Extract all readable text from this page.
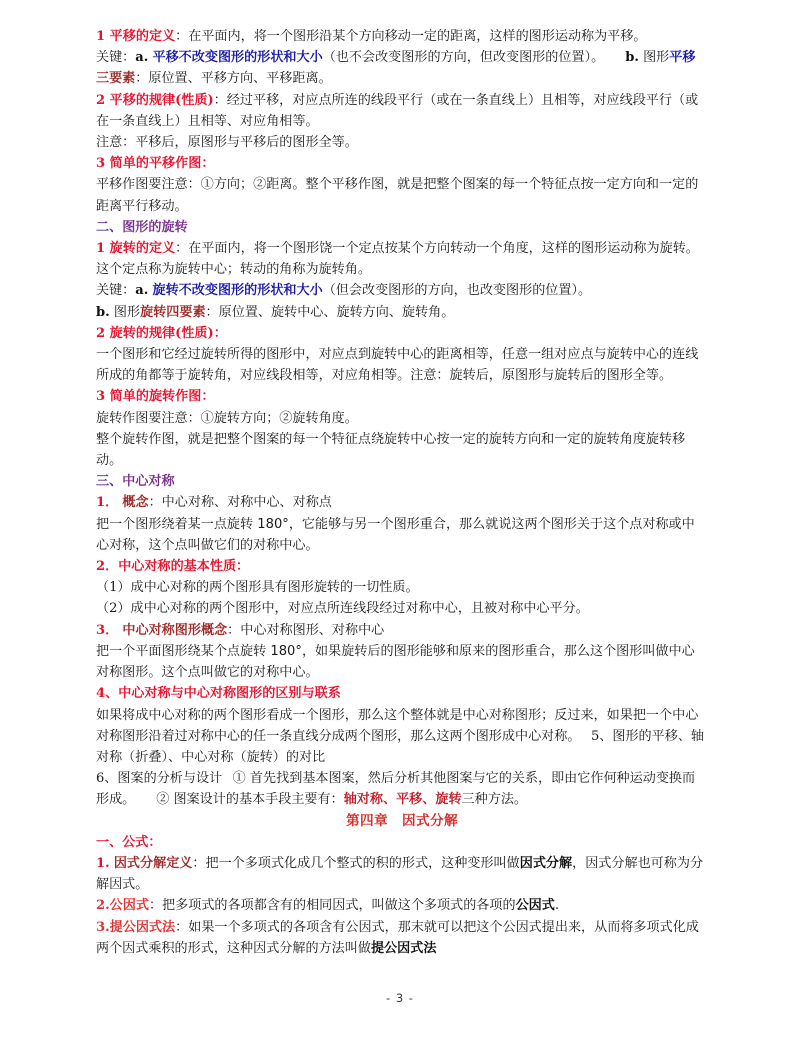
1 平移的定义：在平面内，将一个图形沿某个方向移动一定的距离，这样的图形运动称为平移。
关键：a. 平移不改变图形的形状和大小（也不会改变图形的方向，但改变图形的位置）。 b. 图形平移
三要素：原位置、平移方向、平移距离。
2 平移的规律(性质)：经过平移，对应点所连的线段平行（或在一条直线上）且相等，对应线段平行（或
在一条直线上）且相等、对应角相等。
注意：平移后，原图形与平移后的图形全等。
3 简单的平移作图：
平移作图要注意：①方向；②距离。整个平移作图，就是把整个图案的每一个特征点按一定方向和一定的
距离平行移动。
二、图形的旋转
1 旋转的定义：在平面内，将一个图形饶一个定点按某个方向转动一个角度，这样的图形运动称为旋转。
这个定点称为旋转中心；转动的角称为旋转角。
关键：a. 旋转不改变图形的形状和大小（但会改变图形的方向，也改变图形的位置）。
b. 图形旋转四要素：原位置、旋转中心、旋转方向、旋转角。
2 旋转的规律(性质)：
一个图形和它经过旋转所得的图形中，对应点到旋转中心的距离相等，任意一组对应点与旋转中心的连线
所成的角都等于旋转角，对应线段相等，对应角相等。注意：旋转后，原图形与旋转后的图形全等。
3 简单的旋转作图：
旋转作图要注意：①旋转方向；②旋转角度。
整个旋转作图，就是把整个图案的每一个特征点绕旋转中心按一定的旋转方向和一定的旋转角度旋转移
动。
三、中心对称
1． 概念：中心对称、对称中心、对称点
把一个图形绕着某一点旋转 180°，它能够与另一个图形重合，那么就说这两个图形关于这个点对称或中
心对称，这个点叫做它们的对称中心。
2．中心对称的基本性质：
（1）成中心对称的两个图形具有图形旋转的一切性质。
（2）成中心对称的两个图形中，对应点所连线段经过对称中心，且被对称中心平分。
3． 中心对称图形概念：中心对称图形、对称中心
把一个平面图形绕某个点旋转 180°，如果旋转后的图形能够和原来的图形重合，那么这个图形叫做中心
对称图形。这个点叫做它的对称中心。
4、中心对称与中心对称图形的区别与联系
如果将成中心对称的两个图形看成一个图形，那么这个整体就是中心对称图形；反过来，如果把一个中心
对称图形沿着过对称中心的任一条直线分成两个图形，那么这两个图形成中心对称。 5、图形的平移、轴
对称（折叠）、中心对称（旋转）的对比
6、图案的分析与设计 ① 首先找到基本图案，然后分析其他图案与它的关系，即由它作何种运动变换而
形成。 ② 图案设计的基本手段主要有：轴对称、平移、旋转三种方法。
第四章　因式分解
一、公式：
1. 因式分解定义：把一个多项式化成几个整式的积的形式，这种变形叫做因式分解，因式分解也可称为分
解因式。
2.公因式：把多项式的各项都含有的相同因式，叫做这个多项式的各项的公因式.
3.提公因式法：如果一个多项式的各项含有公因式，那末就可以把这个公因式提出来，从而将多项式化成
两个因式乘积的形式，这种因式分解的方法叫做提公因式法
- 3 -
